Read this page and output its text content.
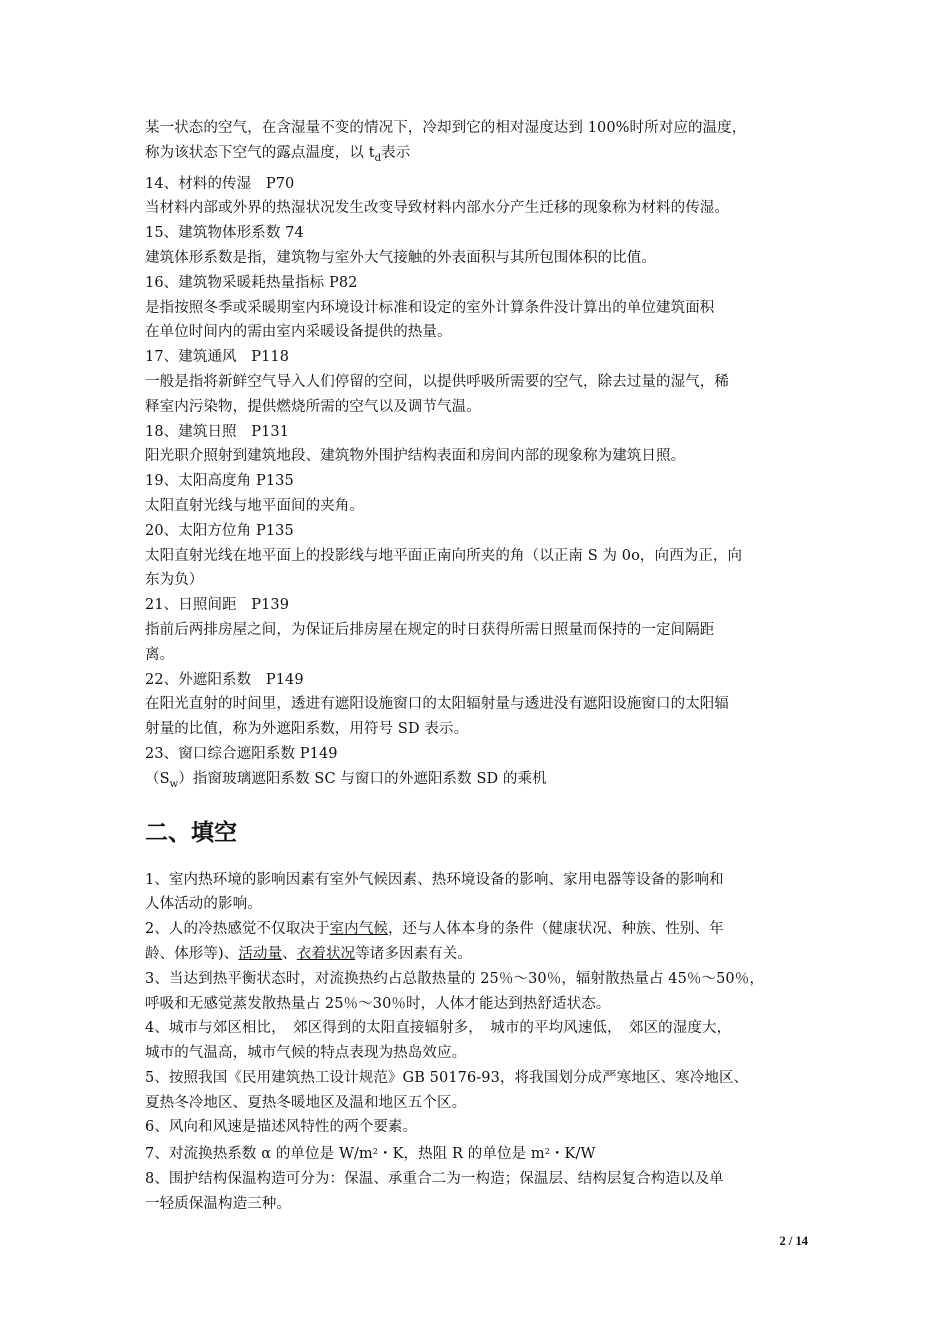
某一状态的空气，在含湿量不变的情况下，冷却到它的相对湿度达到 100%时所对应的温度，
称为该状态下空气的露点温度，以 $t_d$表示
14、材料的传湿　P70
当材料内部或外界的热湿状况发生改变导致材料内部水分产生迁移的现象称为材料的传湿。
15、建筑物体形系数 74
建筑体形系数是指，建筑物与室外大气接触的外表面积与其所包围体积的比值。
16、建筑物采暖耗热量指标 P82
是指按照冬季或采暖期室内环境设计标准和设定的室外计算条件没计算出的单位建筑面积
在单位时间内的需由室内采暖设备提供的热量。
17、建筑通风　P118
一般是指将新鲜空气导入人们停留的空间，以提供呼吸所需要的空气，除去过量的湿气，稀
释室内污染物，提供燃烧所需的空气以及调节气温。
18、建筑日照　P131
阳光职介照射到建筑地段、建筑物外围护结构表面和房间内部的现象称为建筑日照。
19、太阳高度角 P135
太阳直射光线与地平面间的夹角。
20、太阳方位角 P135
太阳直射光线在地平面上的投影线与地平面正南向所夹的角（以正南 S 为 0o，向西为正，向
东为负）
21、日照间距　P139
指前后两排房屋之间，为保证后排房屋在规定的时日获得所需日照量而保持的一定间隔距
离。
22、外遮阳系数　P149
在阳光直射的时间里，透进有遮阳设施窗口的太阳辐射量与透进没有遮阳设施窗口的太阳辐
射量的比值，称为外遮阳系数，用符号 SD 表示。
23、窗口综合遮阳系数 P149
$(S_w)$指窗玻璃遮阳系数 SC 与窗口的外遮阳系数 SD 的乘机
二、填空
1、室内热环境的影响因素有室外气候因素、热环境设备的影响、家用电器等设备的影响和
人体活动的影响。
2、人的冷热感觉不仅取决于室内气候，还与人体本身的条件（健康状况、种族、性别、年
龄、体形等)、活动量、衣着状况等诸多因素有关。
3、当达到热平衡状态时，对流换热约占总散热量的 25％～30％，辐射散热量占 45％～50％，
呼吸和无感觉蒸发散热量占 25％～30％时，人体才能达到热舒适状态。
4、城市与郊区相比，　郊区得到的太阳直接辐射多，　城市的平均风速低，　郊区的湿度大，
城市的气温高，城市气候的特点表现为热岛效应。
5、按照我国《民用建筑热工设计规范》GB 50176-93，将我国划分成严寒地区、寒冷地区、
夏热冬冷地区、夏热冬暖地区及温和地区五个区。
6、风向和风速是描述风特性的两个要素。
7、对流换热系数 α 的单位是 $W/m^2$・K，热阻 R 的单位是 $m^2$・K/W
8、围护结构保温构造可分为：保温、承重合二为一构造；保温层、结构层复合构造以及单
一轻质保温构造三种。
2 / 14
